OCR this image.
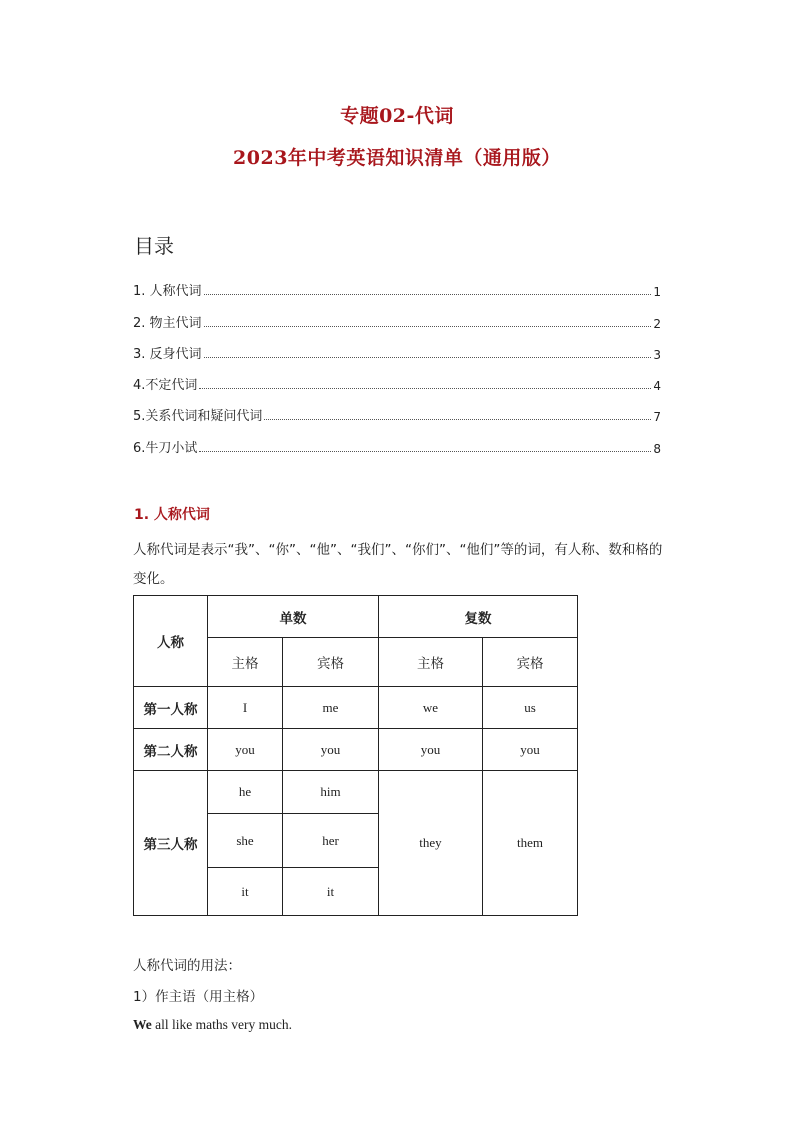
专题02-代词
2023年中考英语知识清单（通用版）
目录
1. 人称代词	1
2. 物主代词	2
3. 反身代词	3
4.不定代词	4
5.关系代词和疑问代词	7
6.牛刀小试	8
1. 人称代词
人称代词是表示“我”、“你”、“他”、“我们”、“你们”、“他们”等的词，有人称、数和格的变化。
人称	单数		复数	
	主格	宾格	主格	宾格
第一人称	I	me	we	us
第二人称	you	you	you	you
第三人称	he	him	they	them
	she	her		
	it	it		
人称代词的用法：
1）作主语（用主格）
We all like maths very much.
